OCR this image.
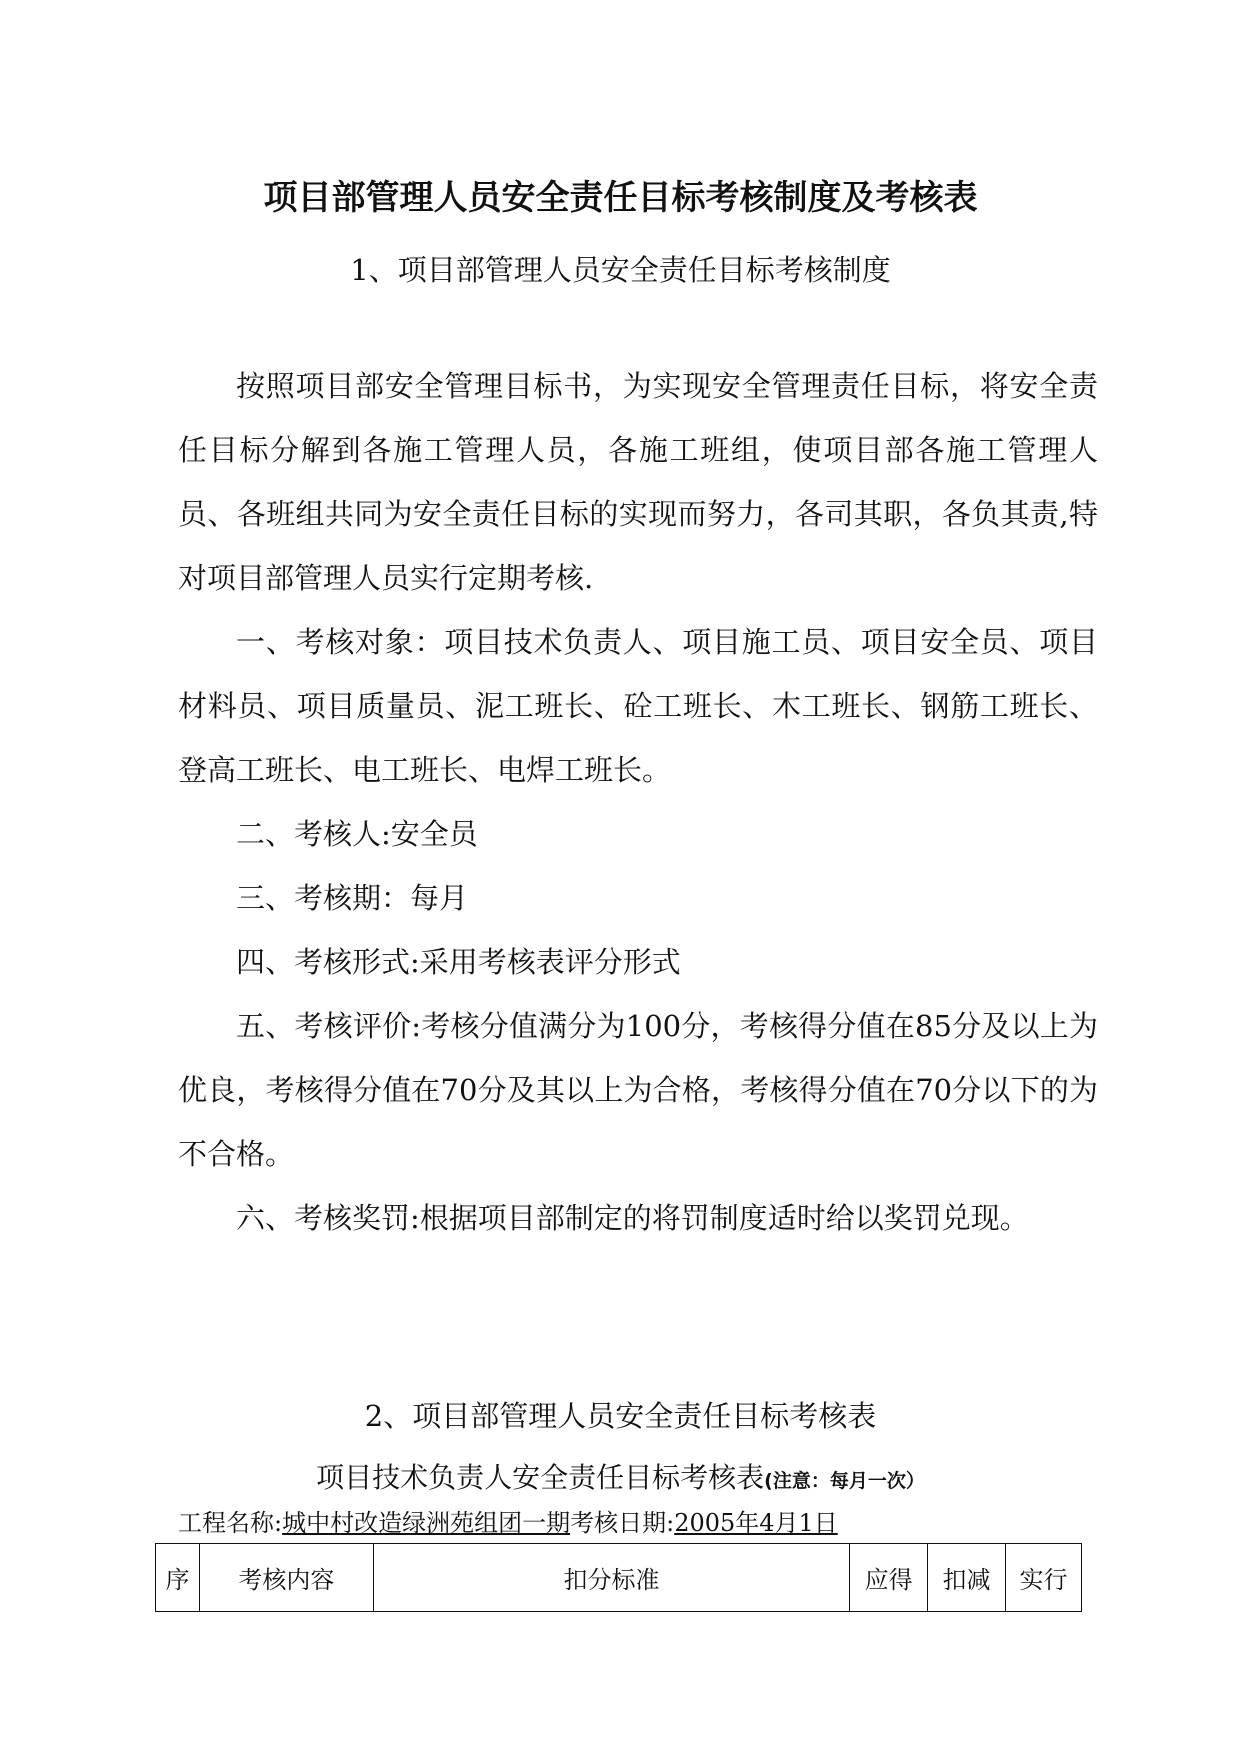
项目部管理人员安全责任目标考核制度及考核表
1、项目部管理人员安全责任目标考核制度

按照项目部安全管理目标书，为实现安全管理责任目标，将安全责任目标分解到各施工管理人员，各施工班组，使项目部各施工管理人员、各班组共同为安全责任目标的实现而努力，各司其职，各负其责,特对项目部管理人员实行定期考核.

一、考核对象：项目技术负责人、项目施工员、项目安全员、项目材料员、项目质量员、泥工班长、砼工班长、木工班长、钢筋工班长、登高工班长、电工班长、电焊工班长。

二、考核人:安全员

三、考核期：每月

四、考核形式:采用考核表评分形式

五、考核评价:考核分值满分为100分，考核得分值在85分及以上为优良，考核得分值在70分及其以上为合格，考核得分值在70分以下的为不合格。

六、考核奖罚:根据项目部制定的将罚制度适时给以奖罚兑现。

2、项目部管理人员安全责任目标考核表
项目技术负责人安全责任目标考核表(注意：每月一次）
工程名称:城中村改造绿洲苑组团一期考核日期:2005年4月1日
序	考核内容	扣分标准	应得	扣减	实行
